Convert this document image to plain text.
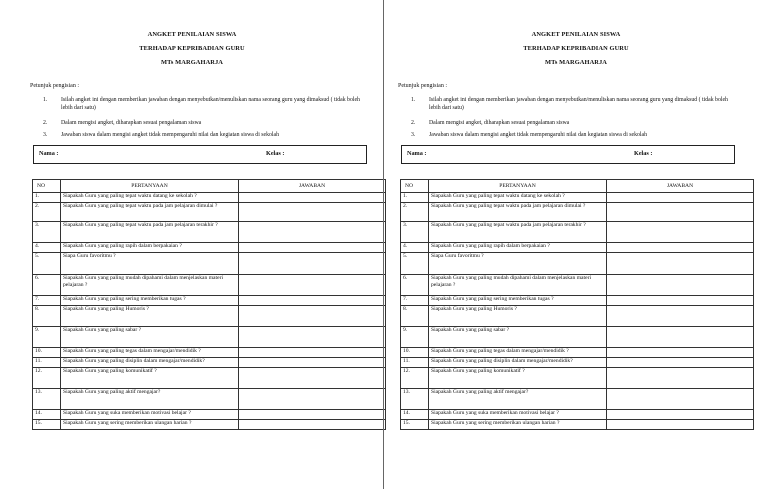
ANGKET PENILAIAN SISWA
TERHADAP KEPRIBADIAN GURU
MTs MARGAHARJA
Petunjuk pengisian :
1.	Isilah angket ini dengan memberikan jawaban dengan menyebutkan/menuliskan nama seorang guru yang dimaksud ( tidak boleh lebih dari satu)
2.	Dalam mengisi angket, diharapkan sesuai pengalaman siswa
3.	Jawaban siswa dalam mengisi angket tidak mempengaruhi nilai dan kegiatan siswa di sekolah
Nama :	Kelas :
NO	PERTANYAAN	JAWABAN
1.	Siapakah Guru yang paling tepat waktu datang ke sekolah ?	
2.	Siapakah Guru yang paling tepat waktu pada jam pelajaran dimulai ?	
3.	Siapakah Guru yang paling tepat waktu pada jam pelajaran terakhir ?	
4.	Siapakah Guru yang paling rapih dalam berpakaian ?	
5.	Siapa Guru favoritmu ?	
6.	Siapakah Guru yang paling mudah dipahami dalam menjelaskan materi pelajaran ?	
7.	Siapakah Guru yang paling sering memberikan tugas ?	
8.	Siapakah Guru yang paling Humoris ?	
9.	Siapakah Guru yang paling sabar ?	
10.	Siapakah Guru yang paling tegas dalam mengajar/mendidik ?	
11.	Siapakah Guru yang paling disiplin dalam mengajar/mendidik?	
12.	Siapakah Guru yang paling komunikatif ?	
13.	Siapakah Guru yang paling aktif mengajar?	
14.	Siapakah Guru yang suka memberikan motivasi belajar ?	
15.	Siapakah Guru yang sering memberikan ulangan harian ?	
ANGKET PENILAIAN SISWA
TERHADAP KEPRIBADIAN GURU
MTs MARGAHARJA
Petunjuk pengisian :
1.	Isilah angket ini dengan memberikan jawaban dengan menyebutkan/menuliskan nama seorang guru yang dimaksud ( tidak boleh lebih dari satu)
2.	Dalam mengisi angket, diharapkan sesuai pengalaman siswa
3.	Jawaban siswa dalam mengisi angket tidak mempengaruhi nilai dan kegiatan siswa di sekolah
Nama :	Kelas :
NO	PERTANYAAN	JAWABAN
1.	Siapakah Guru yang paling tepat waktu datang ke sekolah ?	
2.	Siapakah Guru yang paling tepat waktu pada jam pelajaran dimulai ?	
3.	Siapakah Guru yang paling tepat waktu pada jam pelajaran terakhir ?	
4.	Siapakah Guru yang paling rapih dalam berpakaian ?	
5.	Siapa Guru favoritmu ?	
6.	Siapakah Guru yang paling mudah dipahami dalam menjelaskan materi pelajaran ?	
7.	Siapakah Guru yang paling sering memberikan tugas ?	
8.	Siapakah Guru yang paling Humoris ?	
9.	Siapakah Guru yang paling sabar ?	
10.	Siapakah Guru yang paling tegas dalam mengajar/mendidik ?	
11.	Siapakah Guru yang paling disiplin dalam mengajar/mendidik?	
12.	Siapakah Guru yang paling komunikatif ?	
13.	Siapakah Guru yang paling aktif mengajar?	
14.	Siapakah Guru yang suka memberikan motivasi belajar ?	
15.	Siapakah Guru yang sering memberikan ulangan harian ?	
